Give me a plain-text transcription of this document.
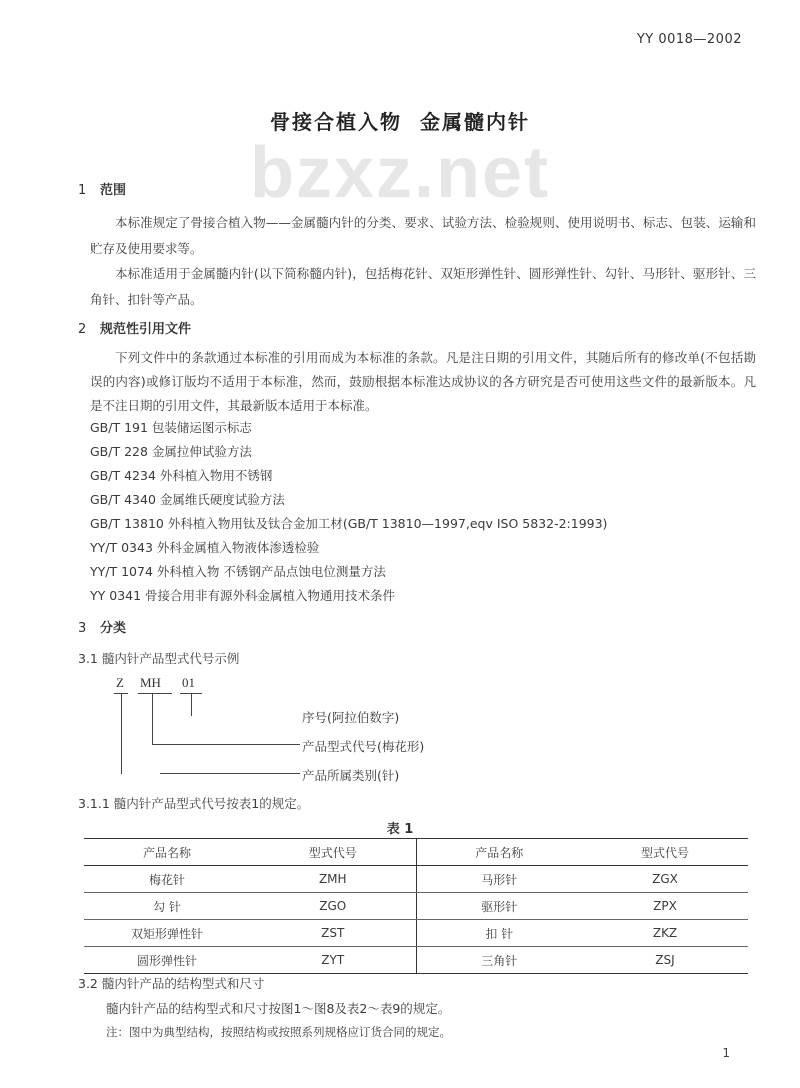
YY 0018—2002
bzxz.net
骨接合植入物  金属髓内针
1 范围
本标准规定了骨接合植入物——金属髓内针的分类、要求、试验方法、检验规则、使用说明书、标志、包装、运输和贮存及使用要求等。
本标准适用于金属髓内针(以下简称髓内针)，包括梅花针、双矩形弹性针、圆形弹性针、勾针、马形针、驱形针、三角针、扣针等产品。
2 规范性引用文件
下列文件中的条款通过本标准的引用而成为本标准的条款。凡是注日期的引用文件，其随后所有的修改单(不包括勘误的内容)或修订版均不适用于本标准，然而，鼓励根据本标准达成协议的各方研究是否可使用这些文件的最新版本。凡是不注日期的引用文件，其最新版本适用于本标准。
GB/T 191 包装储运图示标志
GB/T 228 金属拉伸试验方法
GB/T 4234 外科植入物用不锈钢
GB/T 4340 金属维氏硬度试验方法
GB/T 13810 外科植入物用钛及钛合金加工材(GB/T 13810—1997,eqv ISO 5832-2:1993)
YY/T 0343 外科金属植入物液体渗透检验
YY/T 1074 外科植入物 不锈钢产品点蚀电位测量方法
YY 0341 骨接合用非有源外科金属植入物通用技术条件
3 分类
3.1 髓内针产品型式代号示例
Z MH 01
序号(阿拉伯数字)
产品型式代号(梅花形)
产品所属类别(针)
3.1.1 髓内针产品型式代号按表1的规定。
表 1
产品名称	型式代号	产品名称	型式代号
梅花针	ZMH	马形针	ZGX
勾 针	ZGO	驱形针	ZPX
双矩形弹性针	ZST	扣 针	ZKZ
圆形弹性针	ZYT	三角针	ZSJ
3.2 髓内针产品的结构型式和尺寸
髓内针产品的结构型式和尺寸按图1～图8及表2～表9的规定。
注：图中为典型结构，按照结构或按照系列规格应订货合同的规定。
1
